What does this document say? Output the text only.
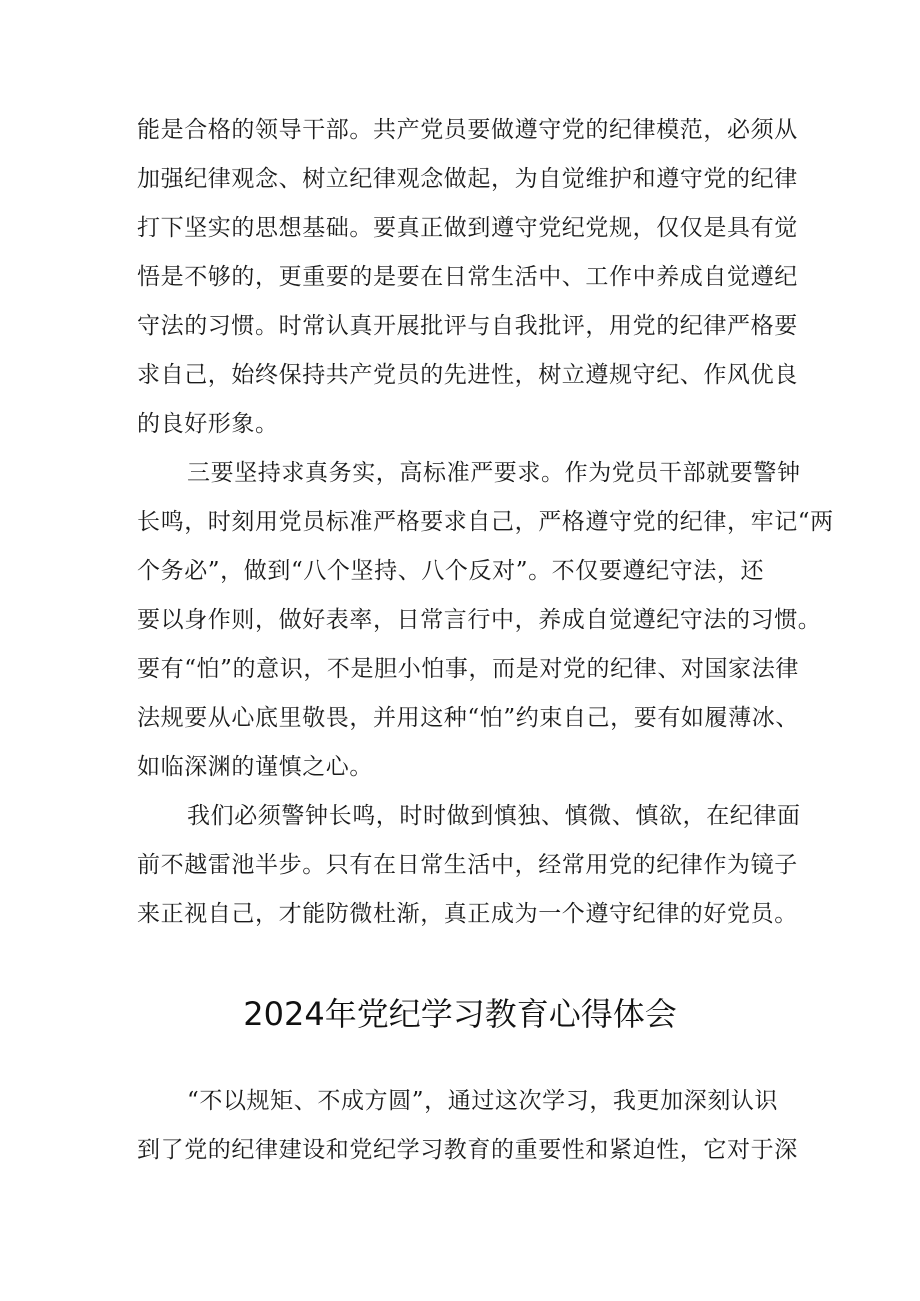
能是合格的领导干部。共产党员要做遵守党的纪律模范，必须从
加强纪律观念、树立纪律观念做起，为自觉维护和遵守党的纪律
打下坚实的思想基础。要真正做到遵守党纪党规，仅仅是具有觉
悟是不够的，更重要的是要在日常生活中、工作中养成自觉遵纪
守法的习惯。时常认真开展批评与自我批评，用党的纪律严格要
求自己，始终保持共产党员的先进性，树立遵规守纪、作风优良
的良好形象。
三要坚持求真务实，高标准严要求。作为党员干部就要警钟
长鸣，时刻用党员标准严格要求自己，严格遵守党的纪律，牢记“两
个务必”，做到“八个坚持、八个反对”。不仅要遵纪守法，还
要以身作则，做好表率，日常言行中，养成自觉遵纪守法的习惯。
要有“怕”的意识，不是胆小怕事，而是对党的纪律、对国家法律
法规要从心底里敬畏，并用这种“怕”约束自己，要有如履薄冰、
如临深渊的谨慎之心。
我们必须警钟长鸣，时时做到慎独、慎微、慎欲，在纪律面
前不越雷池半步。只有在日常生活中，经常用党的纪律作为镜子
来正视自己，才能防微杜渐，真正成为一个遵守纪律的好党员。
2024年党纪学习教育心得体会
“不以规矩、不成方圆”，通过这次学习，我更加深刻认识
到了党的纪律建设和党纪学习教育的重要性和紧迫性，它对于深
